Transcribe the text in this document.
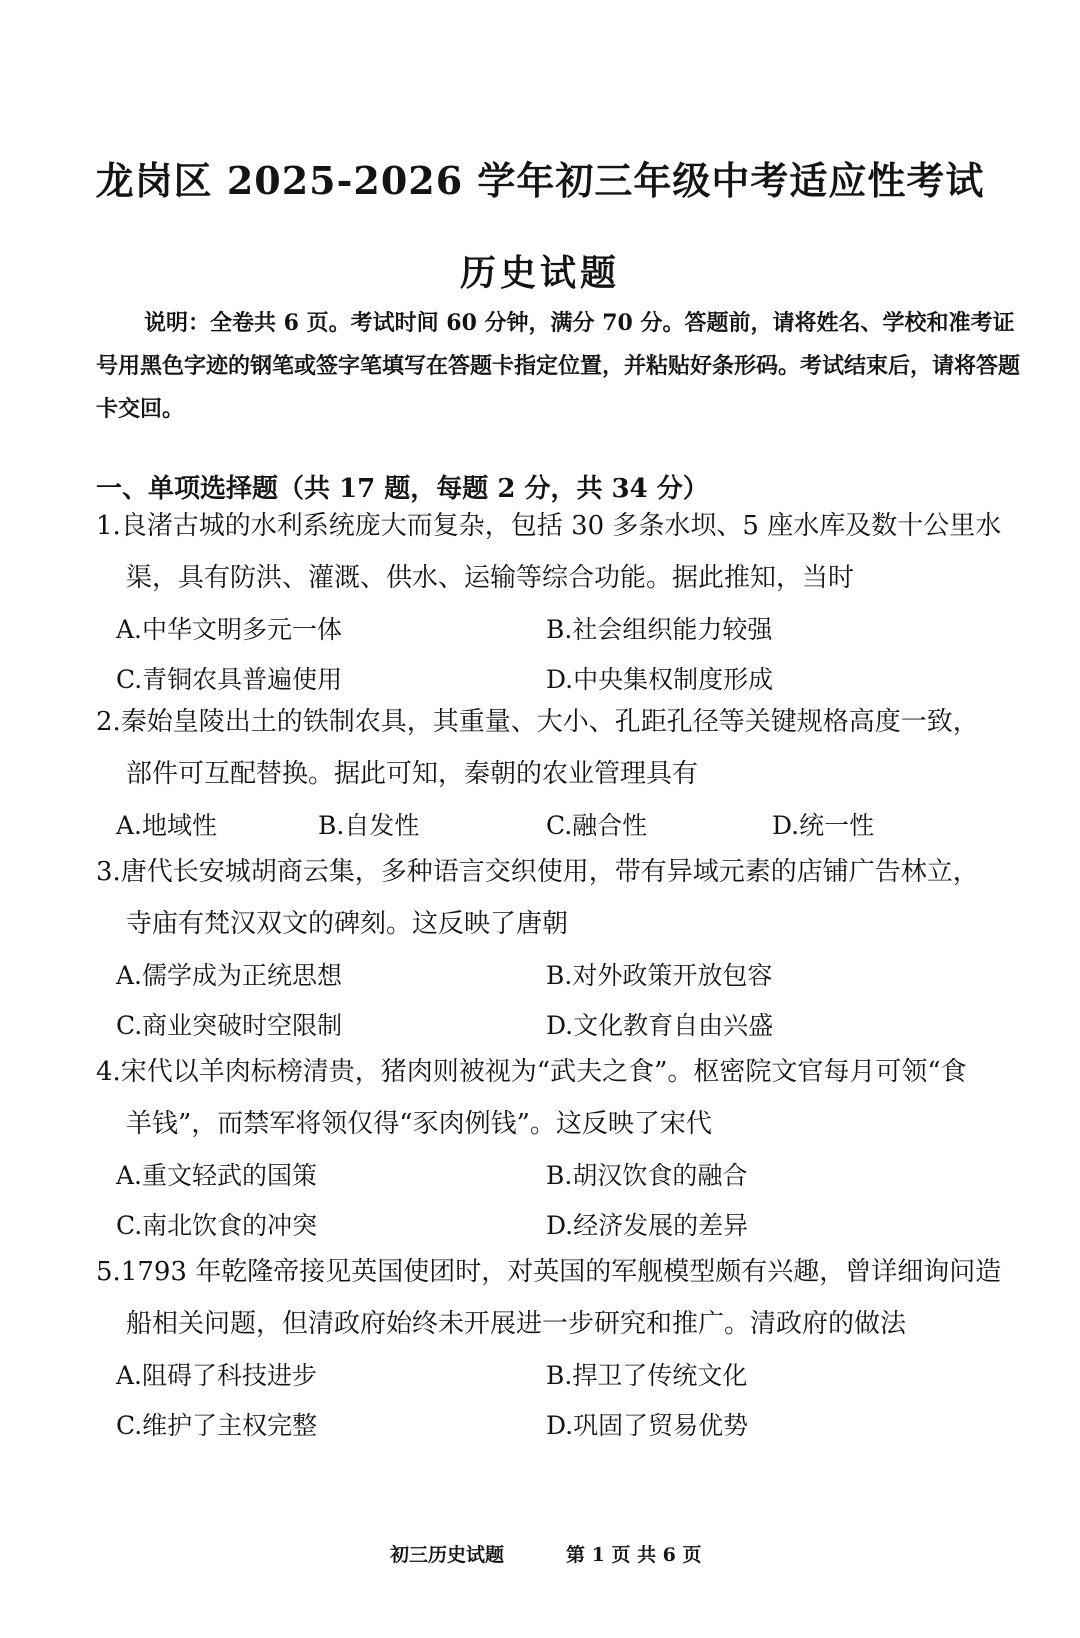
龙岗区 2025-2026 学年初三年级中考适应性考试
历史试题
说明：全卷共 6 页。考试时间 60 分钟，满分 70 分。答题前，请将姓名、学校和准考证号用黑色字迹的钢笔或签字笔填写在答题卡指定位置，并粘贴好条形码。考试结束后，请将答题卡交回。
一、单项选择题（共 17 题，每题 2 分，共 34 分）

1.良渚古城的水利系统庞大而复杂，包括 30 多条水坝、5 座水库及数十公里水
渠，具有防洪、灌溉、供水、运输等综合功能。据此推知，当时

A.中华文明多元一体	B.社会组织能力较强
C.青铜农具普遍使用	D.中央集权制度形成

2.秦始皇陵出土的铁制农具，其重量、大小、孔距孔径等关键规格高度一致，
部件可互配替换。据此可知，秦朝的农业管理具有

A.地域性	B.自发性	C.融合性	D.统一性

3.唐代长安城胡商云集，多种语言交织使用，带有异域元素的店铺广告林立，
寺庙有梵汉双文的碑刻。这反映了唐朝

A.儒学成为正统思想	B.对外政策开放包容
C.商业突破时空限制	D.文化教育自由兴盛

4.宋代以羊肉标榜清贵，猪肉则被视为“武夫之食”。枢密院文官每月可领“食
羊钱”，而禁军将领仅得“豕肉例钱”。这反映了宋代

A.重文轻武的国策	B.胡汉饮食的融合
C.南北饮食的冲突	D.经济发展的差异

5.1793 年乾隆帝接见英国使团时，对英国的军舰模型颇有兴趣，曾详细询问造
船相关问题，但清政府始终未开展进一步研究和推广。清政府的做法

A.阻碍了科技进步	B.捍卫了传统文化
C.维护了主权完整	D.巩固了贸易优势
初三历史试题	第 1 页 共 6 页
